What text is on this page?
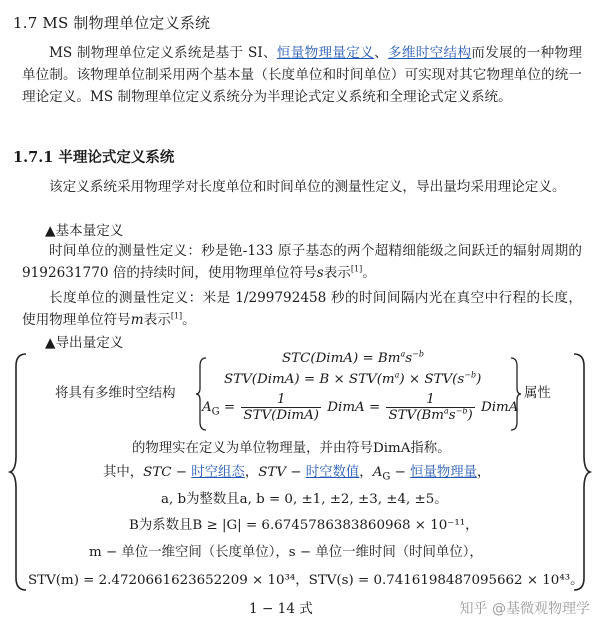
1.7 MS 制物理单位定义系统
MS 制物理单位定义系统是基于 SI、恒量物理量定义、多维时空结构而发展的一种物理单位制。该物理单位制采用两个基本量（长度单位和时间单位）可实现对其它物理单位的统一理论定义。MS 制物理单位定义系统分为半理论式定义系统和全理论式定义系统。
1.7.1 半理论式定义系统
该定义系统采用物理学对长度单位和时间单位的测量性定义，导出量均采用理论定义。
▲基本量定义
时间单位的测量性定义：秒是铯-133 原子基态的两个超精细能级之间跃迁的辐射周期的 9192631770 倍的持续时间，使用物理单位符号s表示[1]。
长度单位的测量性定义：米是 1/299792458 秒的时间间隔内光在真空中行程的长度，使用物理单位符号m表示[1]。
▲导出量定义
将具有多维时空结构
STC(DimA) = $Bm^as^{-b}$
STV(DimA) = $B \times STV(m^a) \times STV(s^{-b})$
$A_G = \frac{1}{\text{STV(DimA)}}$ DimA = $\frac{1}{STV(Bm^as^{-b})}$ DimA
属性
的物理实在定义为单位物理量，并由符号DimA指称。
其中，STC − 时空组态，STV − 时空数值，$A_G$ − 恒量物理量，
a, b为整数且a, b = 0, ±1, ±2, ±3, ±4, ±5。
B为系数且B ≥ |G| = 6.6745786383860968 × 10⁻¹¹，
m − 单位一维空间（长度单位），s − 单位一维时间（时间单位），
STV(m) = 2.4720661623652209 × 10³⁴，STV(s) = 0.7416198487095662 × 10⁴³。
1 − 14 式	知乎 @基微观物理学
